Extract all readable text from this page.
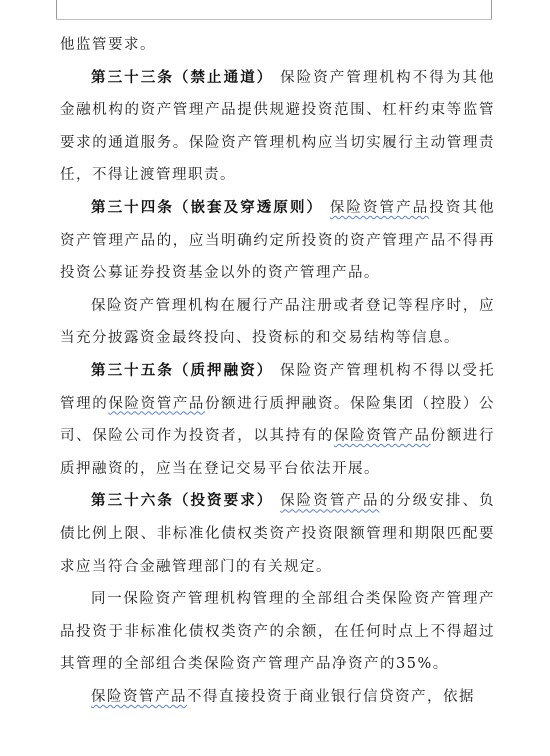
他监管要求。

第三十三条（禁止通道） 保险资产管理机构不得为其他金融机构的资产管理产品提供规避投资范围、杠杆约束等监管要求的通道服务。保险资产管理机构应当切实履行主动管理责任，不得让渡管理职责。

第三十四条（嵌套及穿透原则） 保险资管产品投资其他资产管理产品的，应当明确约定所投资的资产管理产品不得再投资公募证券投资基金以外的资产管理产品。

保险资产管理机构在履行产品注册或者登记等程序时，应当充分披露资金最终投向、投资标的和交易结构等信息。

第三十五条（质押融资） 保险资产管理机构不得以受托管理的保险资管产品份额进行质押融资。保险集团（控股）公司、保险公司作为投资者，以其持有的保险资管产品份额进行质押融资的，应当在登记交易平台依法开展。

第三十六条（投资要求） 保险资管产品的分级安排、负债比例上限、非标准化债权类资产投资限额管理和期限匹配要求应当符合金融管理部门的有关规定。

同一保险资产管理机构管理的全部组合类保险资产管理产品投资于非标准化债权类资产的余额，在任何时点上不得超过其管理的全部组合类保险资产管理产品净资产的35%。

保险资管产品不得直接投资于商业银行信贷资产，依据
